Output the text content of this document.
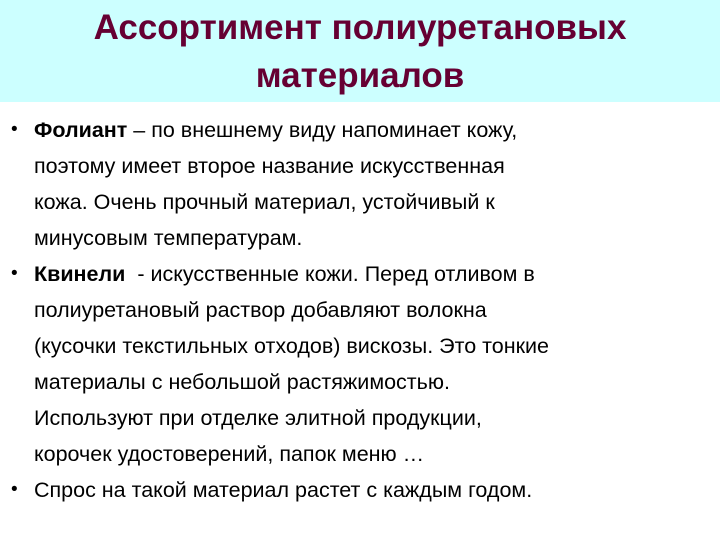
Ассортимент полиуретановых
материалов
• Фолиант – по внешнему виду напоминает кожу,
поэтому имеет второе название искусственная
кожа. Очень прочный материал, устойчивый к
минусовым температурам.
• Квинели  - искусственные кожи. Перед отливом в
полиуретановый раствор добавляют волокна
(кусочки текстильных отходов) вискозы. Это тонкие
материалы с небольшой растяжимостью.
Используют при отделке элитной продукции,
корочек удостоверений, папок меню …
• Спрос на такой материал растет с каждым годом.
